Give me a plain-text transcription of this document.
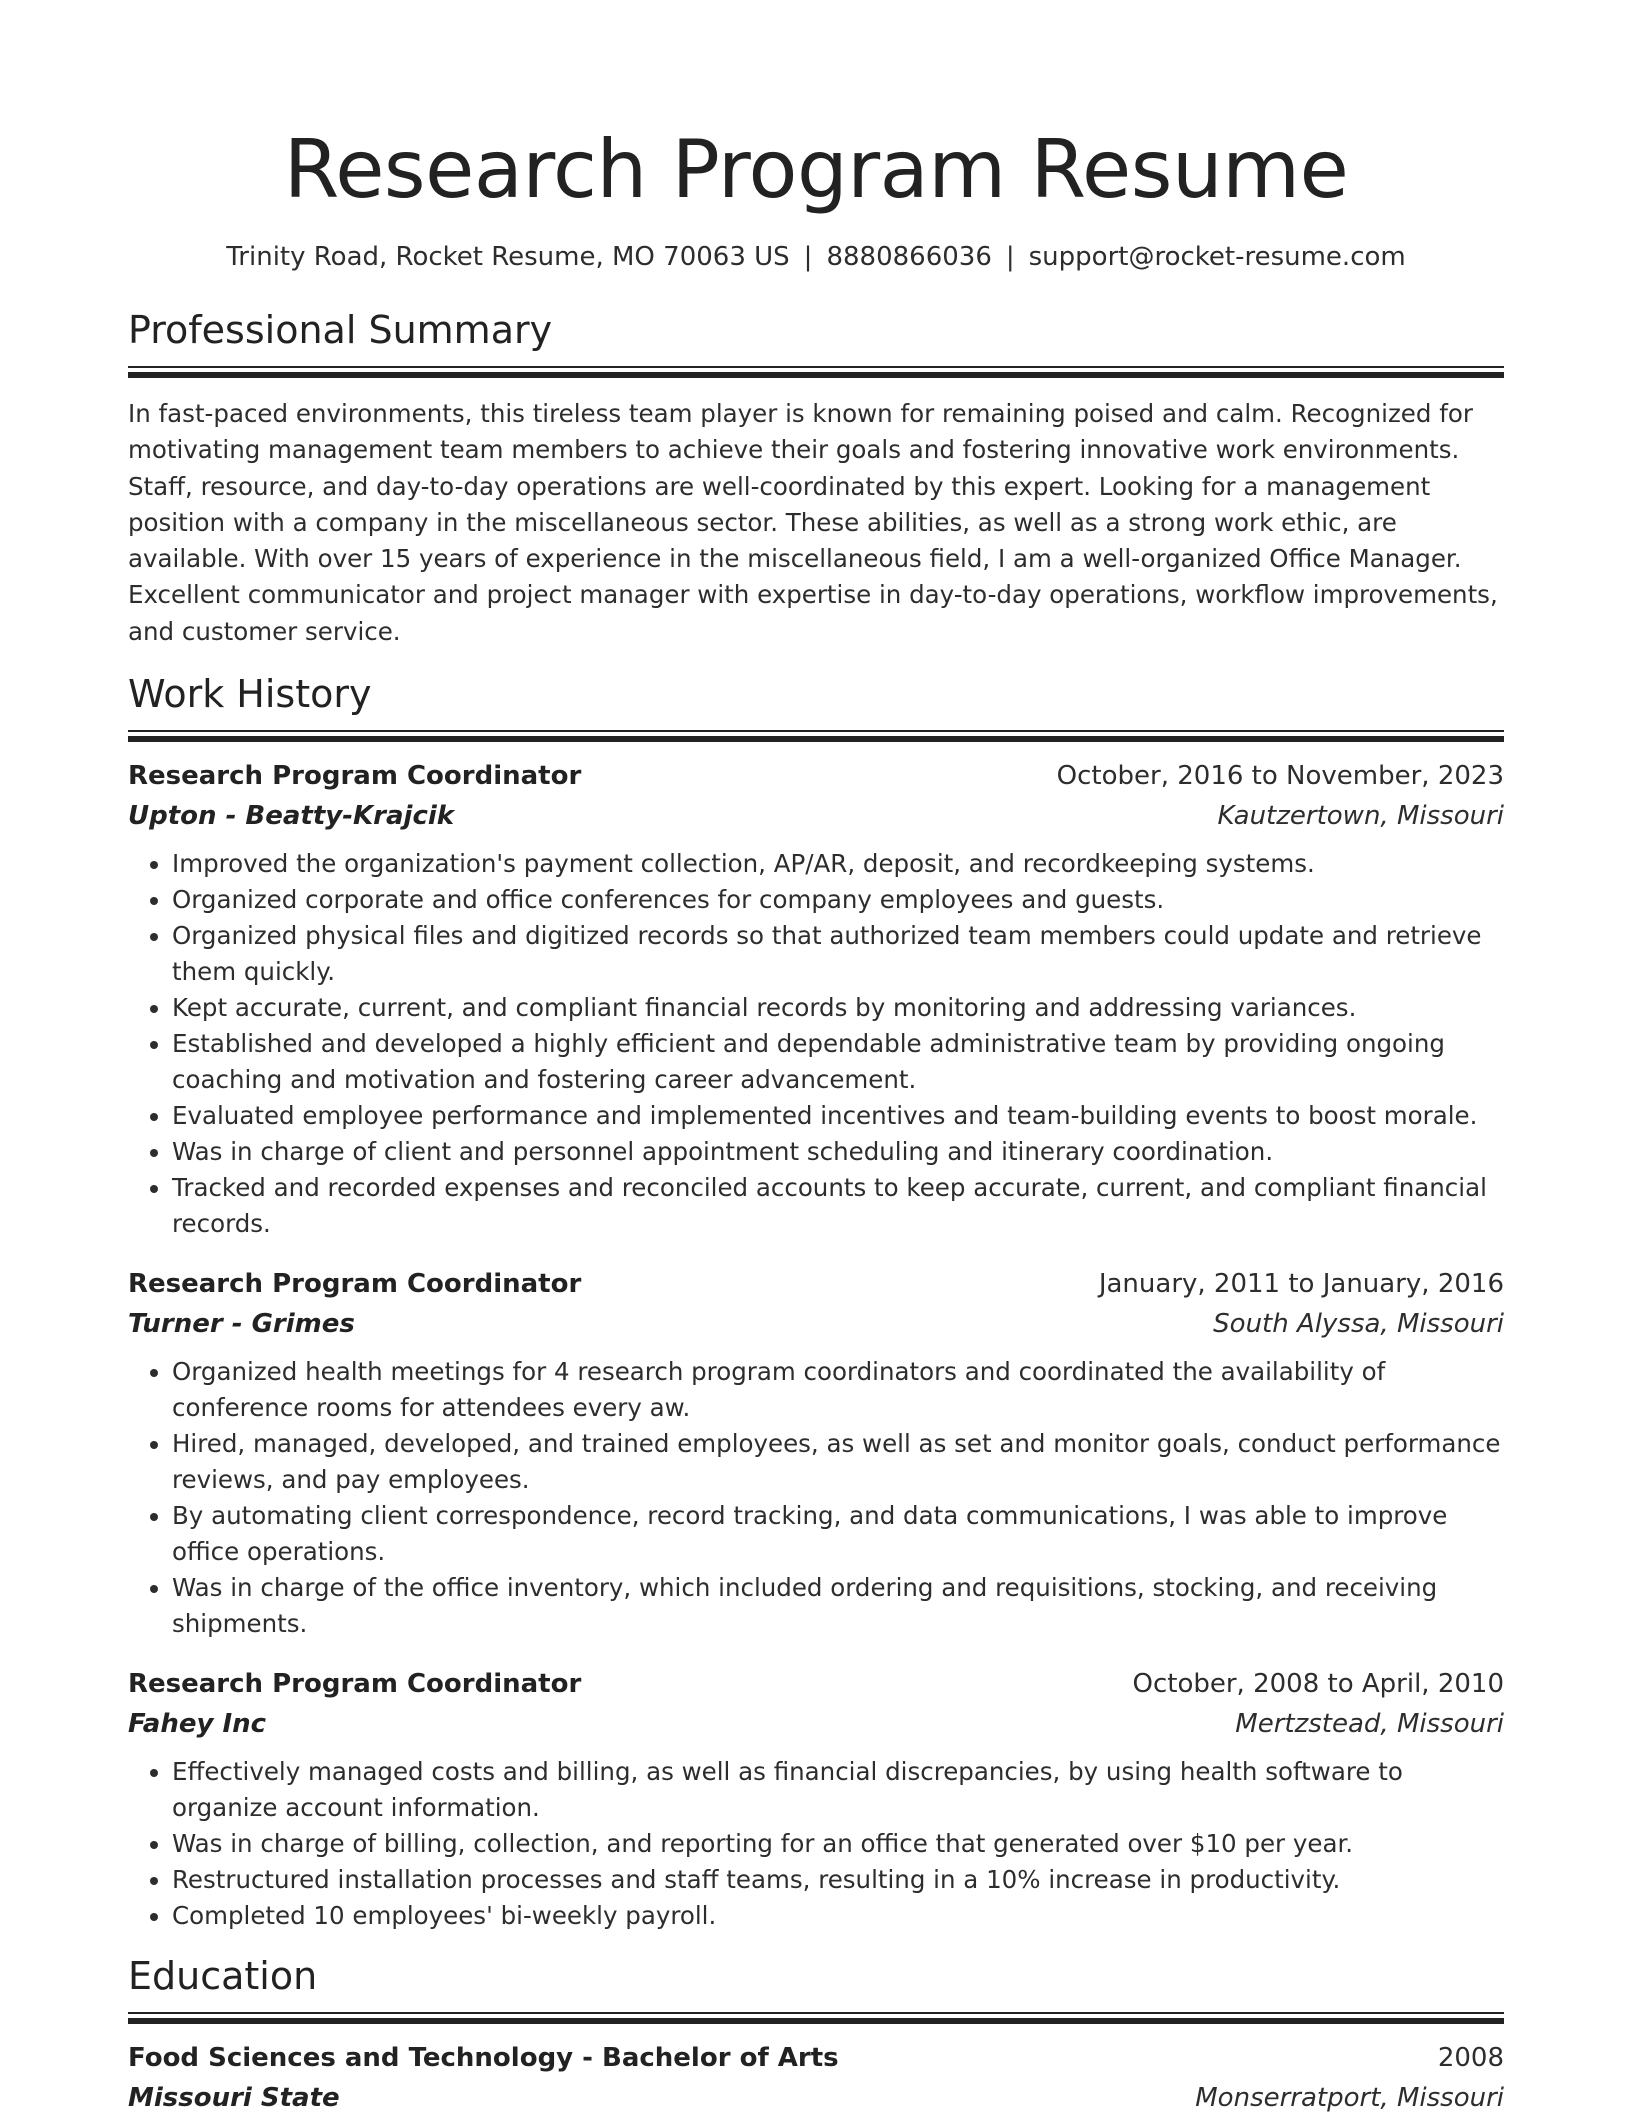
Research Program Resume
Trinity Road, Rocket Resume, MO 70063 US | 8880866036 | support@rocket-resume.com
Professional Summary

In fast-paced environments, this tireless team player is known for remaining poised and calm. Recognized for motivating management team members to achieve their goals and fostering innovative work environments. Staff, resource, and day-to-day operations are well-coordinated by this expert. Looking for a management position with a company in the miscellaneous sector. These abilities, as well as a strong work ethic, are available. With over 15 years of experience in the miscellaneous field, I am a well-organized Office Manager. Excellent communicator and project manager with expertise in day-to-day operations, workflow improvements, and customer service.

Work History
Research Program Coordinator	October, 2016 to November, 2023
Upton - Beatty-Krajcik	Kautzertown, Missouri
• Improved the organization's payment collection, AP/AR, deposit, and recordkeeping systems.
• Organized corporate and office conferences for company employees and guests.
• Organized physical files and digitized records so that authorized team members could update and retrieve them quickly.
• Kept accurate, current, and compliant financial records by monitoring and addressing variances.
• Established and developed a highly efficient and dependable administrative team by providing ongoing coaching and motivation and fostering career advancement.
• Evaluated employee performance and implemented incentives and team-building events to boost morale.
• Was in charge of client and personnel appointment scheduling and itinerary coordination.
• Tracked and recorded expenses and reconciled accounts to keep accurate, current, and compliant financial records.
Research Program Coordinator	January, 2011 to January, 2016
Turner - Grimes	South Alyssa, Missouri
• Organized health meetings for 4 research program coordinators and coordinated the availability of conference rooms for attendees every aw.
• Hired, managed, developed, and trained employees, as well as set and monitor goals, conduct performance reviews, and pay employees.
• By automating client correspondence, record tracking, and data communications, I was able to improve office operations.
• Was in charge of the office inventory, which included ordering and requisitions, stocking, and receiving shipments.
Research Program Coordinator	October, 2008 to April, 2010
Fahey Inc	Mertzstead, Missouri
• Effectively managed costs and billing, as well as financial discrepancies, by using health software to organize account information.
• Was in charge of billing, collection, and reporting for an office that generated over $10 per year.
• Restructured installation processes and staff teams, resulting in a 10% increase in productivity.
• Completed 10 employees' bi-weekly payroll.
Education
Food Sciences and Technology - Bachelor of Arts	2008
Missouri State	Monserratport, Missouri
